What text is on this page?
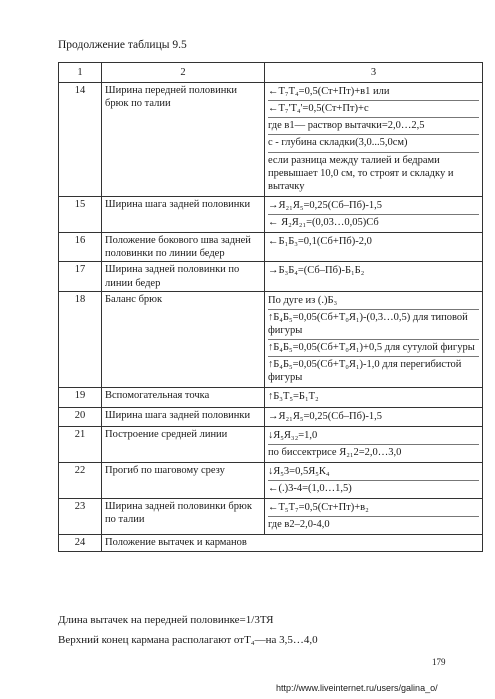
Продолжение таблицы 9.5
1	2	3
14	Ширина передней половинки брюк по талии	←Т₇Т₄=0,5(Ст+Пт)+в1 или
←Т₇'Т₄'=0,5(Ст+Пт)+с
где в1— раствор вытачки=2,0…2,5
с - глубина складки(3,0...5,0см)
если разница между талией и бедрами превышает 10,0 см, то строят и складку и вытачку

15	Ширина шага задней половинки	→Я₂₁Я₅=0,25(Сб–Пб)-1,5
← Я₂Я₂₁=(0,03…0,05)Сб

16	Положение бокового шва задней половинки по линии бедер	←Б₁Б₃=0,1(Сб+Пб)-2,0

17	Ширина задней половинки по линии бедер	→Б₃Б₄=(Сб–Пб)-Б₁Б₂

18	Баланс брюк	По дуге из (.)Б₃
↑Б₄Б₅=0,05(Сб+Т₀Я₁)-(0,3…0,5) для типовой фигуры
↑Б₄Б₅=0,05(Сб+Т₀Я₁)+0,5 для сутулой фигуры
↑Б₄Б₅=0,05(Сб+Т₀Я₁)-1,0 для перегибистой фигуры

19	Вспомогательная точка	↑Б₃Т₅=Б₁Т₂

20	Ширина шага задней половинки	→Я₂₁Я₅=0,25(Сб–Пб)-1,5

21	Построение средней линии	↓Я₅Я₃₂=1,0
по биссектрисе Я₂₁2=2,0…3,0

22	Прогиб по шаговому срезу	↓Я₅3=0,5Я₅К₄
←(.)3-4=(1,0…1,5)

23	Ширина задней половинки брюк по талии	←Т₅Т₇=0,5(Ст+Пт)+в₂
где в2–2,0-4,0

24	Положение вытачек и карманов	
Длина вытачек на передней половинке=1/3ТЯ
Верхний конец кармана располагают отТ₄—на 3,5…4,0
179
http://www.liveinternet.ru/users/galina_o/
